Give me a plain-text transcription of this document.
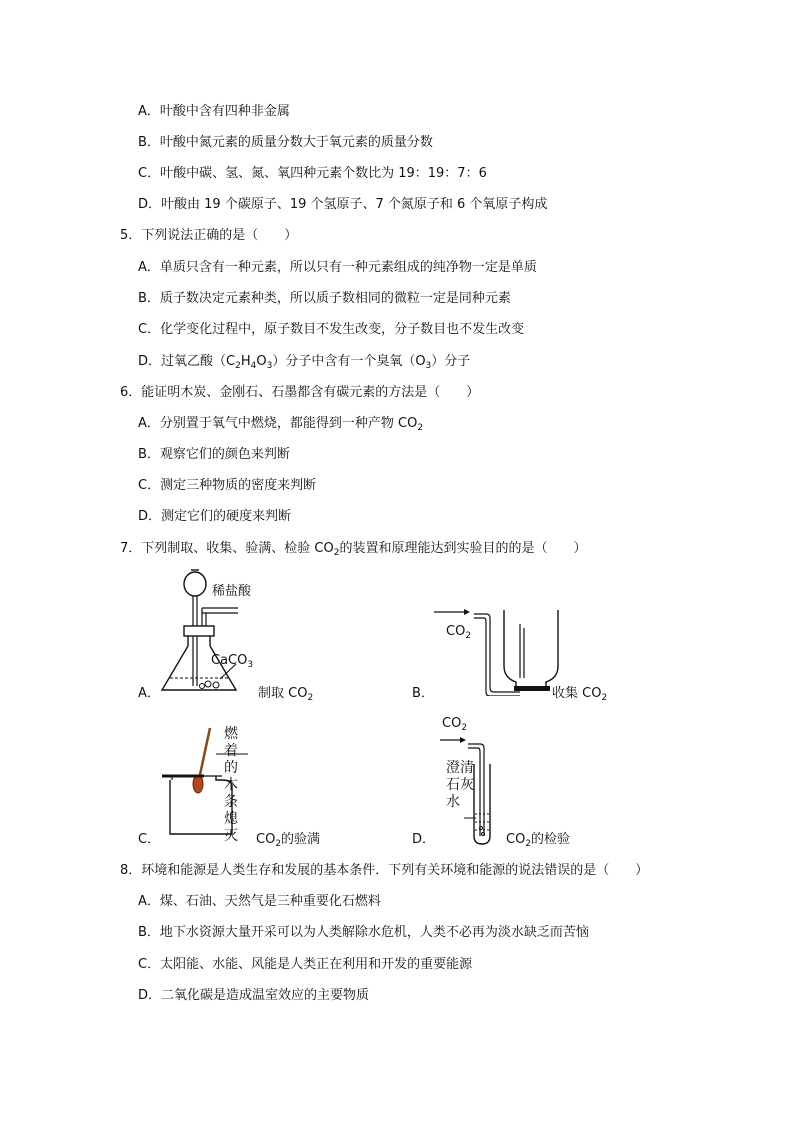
A．叶酸中含有四种非金属
B．叶酸中氮元素的质量分数大于氧元素的质量分数
C．叶酸中碳、氢、氮、氧四种元素个数比为 19：19：7：6
D．叶酸由 19 个碳原子、19 个氢原子、7 个氮原子和 6 个氧原子构成
5．下列说法正确的是（　　）
A．单质只含有一种元素，所以只有一种元素组成的纯净物一定是单质
B．质子数决定元素种类，所以质子数相同的微粒一定是同种元素
C．化学变化过程中，原子数目不发生改变，分子数目也不发生改变
D．过氧乙酸$(C_2H_4O_3)$分子中含有一个臭氧$(O_3)$分子
6．能证明木炭、金刚石、石墨都含有碳元素的方法是（　　）
A．分别置于氧气中燃烧，都能得到一种产物 $CO_2$
B．观察它们的颜色来判断
C．测定三种物质的密度来判断
D．测定它们的硬度来判断
7．下列制取、收集、验满、检验 $CO_2$的装置和原理能达到实验目的的是（　　）
稀盐酸
CaCO$_3$
A．	制取 $CO_2$
$CO_2$
B．	收集 $CO_2$
燃着的木条熄灭
C．	$CO_2$的验满
$CO_2$
澄清石灰水
D．	$CO_2$的检验
8．环境和能源是人类生存和发展的基本条件．下列有关环境和能源的说法错误的是（　　）
A．煤、石油、天然气是三种重要化石燃料
B．地下水资源大量开采可以为人类解除水危机，人类不必再为淡水缺乏而苦恼
C．太阳能、水能、风能是人类正在利用和开发的重要能源
D．二氧化碳是造成温室效应的主要物质
